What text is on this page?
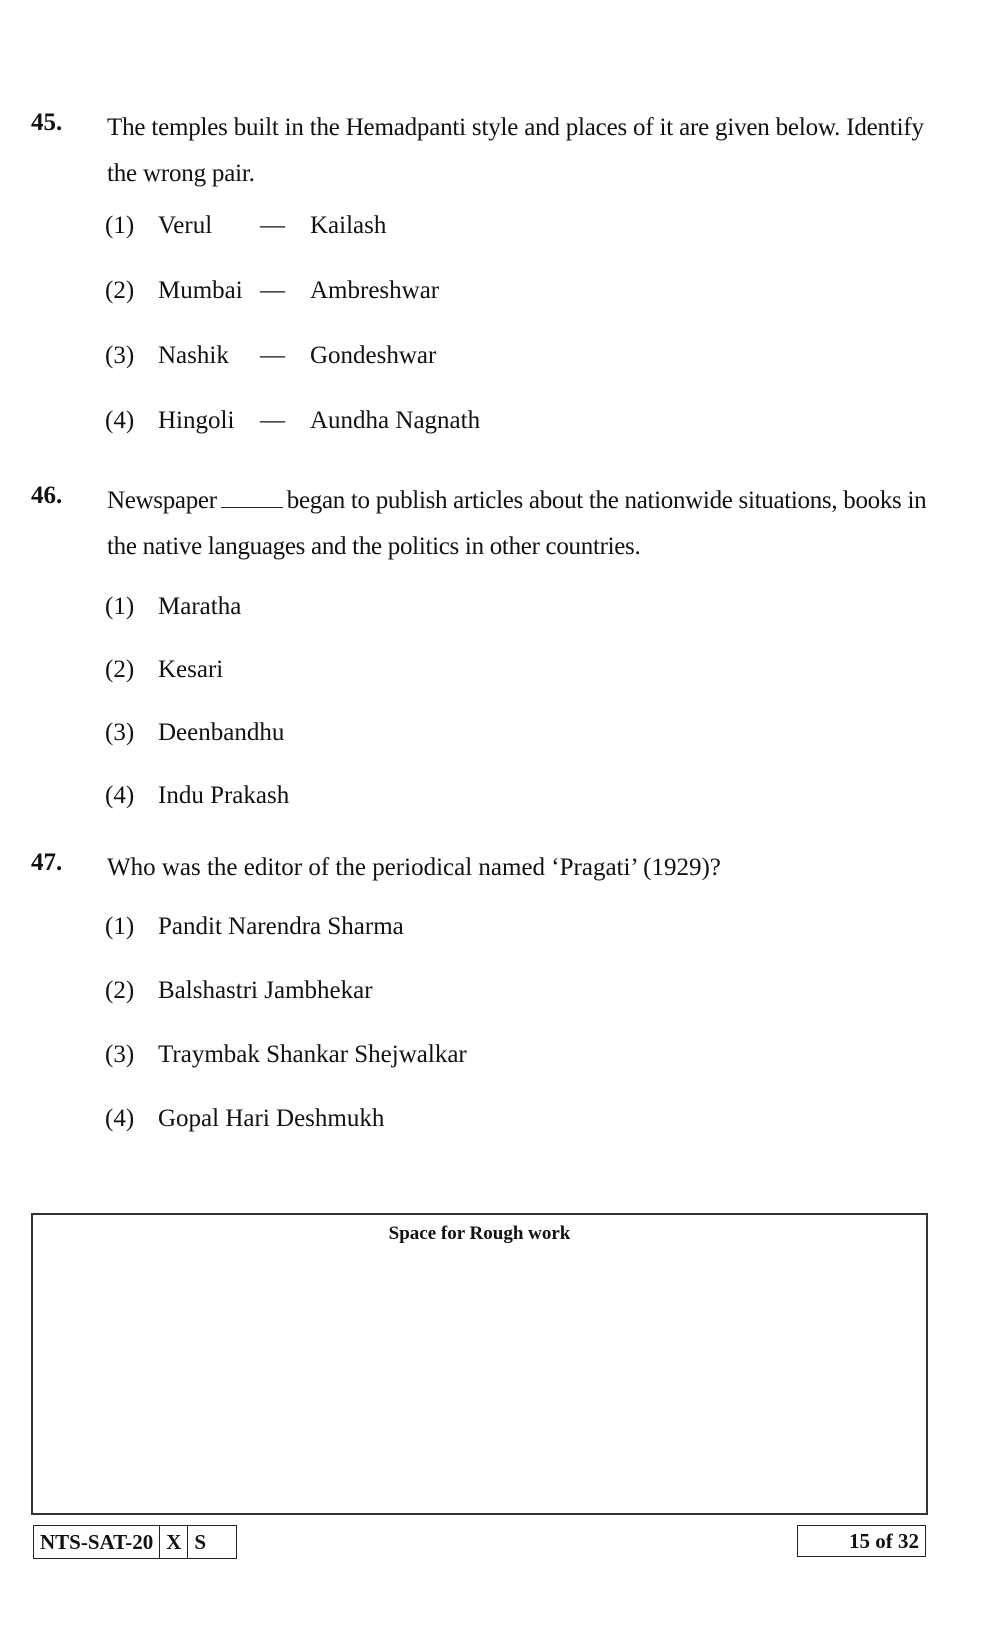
45. The temples built in the Hemadpanti style and places of it are given below. Identify the wrong pair.
(1) Verul — Kailash
(2) Mumbai — Ambreshwar
(3) Nashik — Gondeshwar
(4) Hingoli — Aundha Nagnath
46. Newspaper	began to publish articles about the nationwide situations, books in the native languages and the politics in other countries.
(1) Maratha
(2) Kesari
(3) Deenbandhu
(4) Indu Prakash
47. Who was the editor of the periodical named ‘Pragati’ (1929)?
(1) Pandit Narendra Sharma
(2) Balshastri Jambhekar
(3) Traymbak Shankar Shejwalkar
(4) Gopal Hari Deshmukh
Space for Rough work
NTS-SAT-20 X S	15 of 32
